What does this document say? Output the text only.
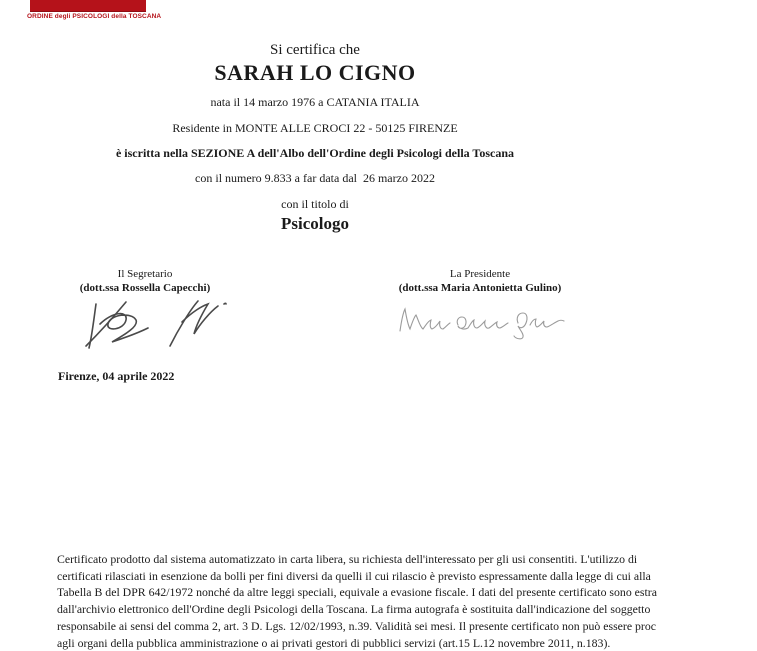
ORDINE degli PSICOLOGI della TOSCANA
Si certifica che
SARAH LO CIGNO
nata il 14 marzo 1976 a CATANIA ITALIA
Residente in MONTE ALLE CROCI 22 - 50125 FIRENZE
è iscritta nella SEZIONE A dell'Albo dell'Ordine degli Psicologi della Toscana
con il numero 9.833 a far data dal  26 marzo 2022
con il titolo di
Psicologo
Il Segretario
(dott.ssa Rossella Capecchi)
La Presidente
(dott.ssa Maria Antonietta Gulino)
Firenze, 04 aprile 2022
Certificato prodotto dal sistema automatizzato in carta libera, su richiesta dell'interessato per gli usi consentiti. L'utilizzo di
certificati rilasciati in esenzione da bolli per fini diversi da quelli il cui rilascio è previsto espressamente dalla legge di cui alla
Tabella B del DPR 642/1972 nonché da altre leggi speciali, equivale a evasione fiscale. I dati del presente certificato sono estra
dall'archivio elettronico dell'Ordine degli Psicologi della Toscana. La firma autografa è sostituita dall'indicazione del soggetto
responsabile ai sensi del comma 2, art. 3 D. Lgs. 12/02/1993, n.39. Validità sei mesi. Il presente certificato non può essere proc
agli organi della pubblica amministrazione o ai privati gestori di pubblici servizi (art.15 L.12 novembre 2011, n.183).
